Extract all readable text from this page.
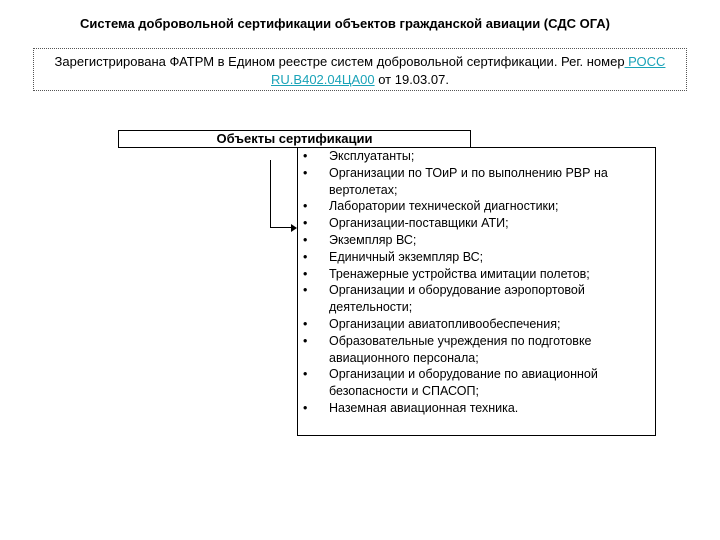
Система добровольной сертификации объектов гражданской авиации (СДС ОГА)
Зарегистрирована ФАТРМ в Едином реестре систем добровольной сертификации. Рег. номер РОСС RU.В402.04ЦА00 от 19.03.07.
Объекты сертификации
• Эксплуатанты;
• Организации по ТОиР и по выполнению РВР на вертолетах;
• Лаборатории технической диагностики;
• Организации-поставщики АТИ;
• Экземпляр ВС;
• Единичный экземпляр ВС;
• Тренажерные устройства имитации полетов;
• Организации и оборудование аэропортовой деятельности;
• Организации авиатопливообеспечения;
• Образовательные учреждения по подготовке авиационного персонала;
• Организации и оборудование по авиационной безопасности и СПАСОП;
• Наземная авиационная техника.
